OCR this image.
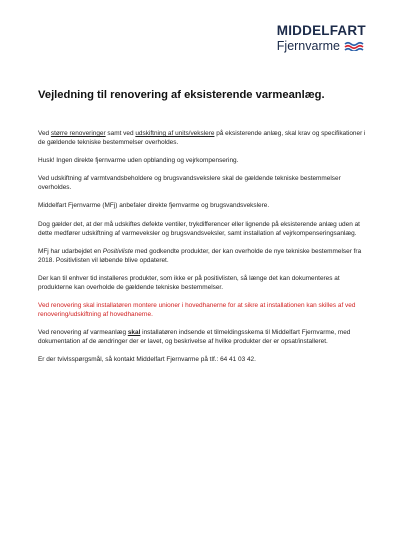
MIDDELFART
Fjernvarme
Vejledning til renovering af eksisterende varmeanlæg.

Ved større renoveringer samt ved udskiftning af units/vekslere på eksisterende anlæg, skal krav og specifikationer i de gældende tekniske bestemmelser overholdes.

Husk! Ingen direkte fjernvarme uden opblanding og vejrkompensering.

Ved udskiftning af varmtvandsbeholdere og brugsvandsvekslere skal de gældende tekniske bestemmelser overholdes.

Middelfart Fjernvarme (MFj) anbefaler direkte fjernvarme og brugsvandsvekslere.

Dog gælder det, at der må udskiftes defekte ventiler, trykdifferencer eller lignende på eksisterende anlæg uden at dette medfører udskiftning af varmeveksler og brugsvandsveksler, samt installation af vejrkompenseringsanlæg.

MFj har udarbejdet en Positivliste med godkendte produkter, der kan overholde de nye tekniske bestemmelser fra 2018. Positivlisten vil løbende blive opdateret.

Der kan til enhver tid installeres produkter, som ikke er på positivlisten, så længe det kan dokumenteres at produkterne kan overholde de gældende tekniske bestemmelser.

Ved renovering skal installatøren montere unioner i hovedhanerne for at sikre at installationen kan skilles af ved renovering/udskiftning af hovedhanerne.

Ved renovering af varmeanlæg skal installatøren indsende et tilmeldingsskema til Middelfart Fjernvarme, med dokumentation af de ændringer der er lavet, og beskrivelse af hvilke produkter der er opsat/installeret.

Er der tvivlsspørgsmål, så kontakt Middelfart Fjernvarme på tlf.: 64 41 03 42.
